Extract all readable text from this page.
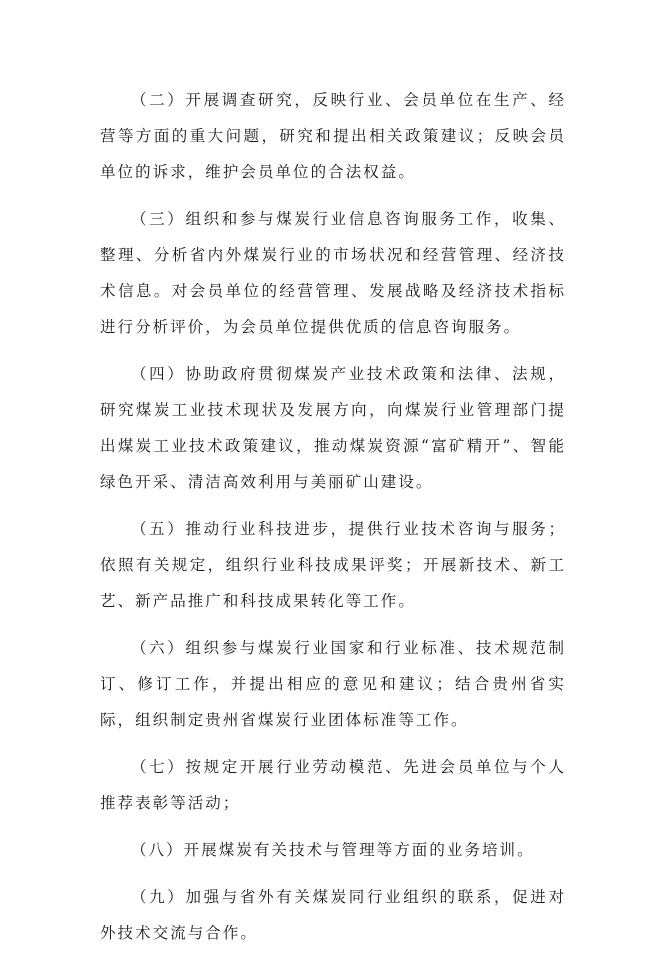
（二）开展调查研究，反映行业、会员单位在生产、经营等方面的重大问题，研究和提出相关政策建议；反映会员单位的诉求，维护会员单位的合法权益。

（三）组织和参与煤炭行业信息咨询服务工作，收集、整理、分析省内外煤炭行业的市场状况和经营管理、经济技术信息。对会员单位的经营管理、发展战略及经济技术指标进行分析评价，为会员单位提供优质的信息咨询服务。

（四）协助政府贯彻煤炭产业技术政策和法律、法规，研究煤炭工业技术现状及发展方向，向煤炭行业管理部门提出煤炭工业技术政策建议，推动煤炭资源“富矿精开”、智能绿色开采、清洁高效利用与美丽矿山建设。

（五）推动行业科技进步，提供行业技术咨询与服务；依照有关规定，组织行业科技成果评奖；开展新技术、新工艺、新产品推广和科技成果转化等工作。

（六）组织参与煤炭行业国家和行业标准、技术规范制订、修订工作，并提出相应的意见和建议；结合贵州省实际，组织制定贵州省煤炭行业团体标准等工作。

（七）按规定开展行业劳动模范、先进会员单位与个人推荐表彰等活动；

（八）开展煤炭有关技术与管理等方面的业务培训。

（九）加强与省外有关煤炭同行业组织的联系，促进对外技术交流与合作。
